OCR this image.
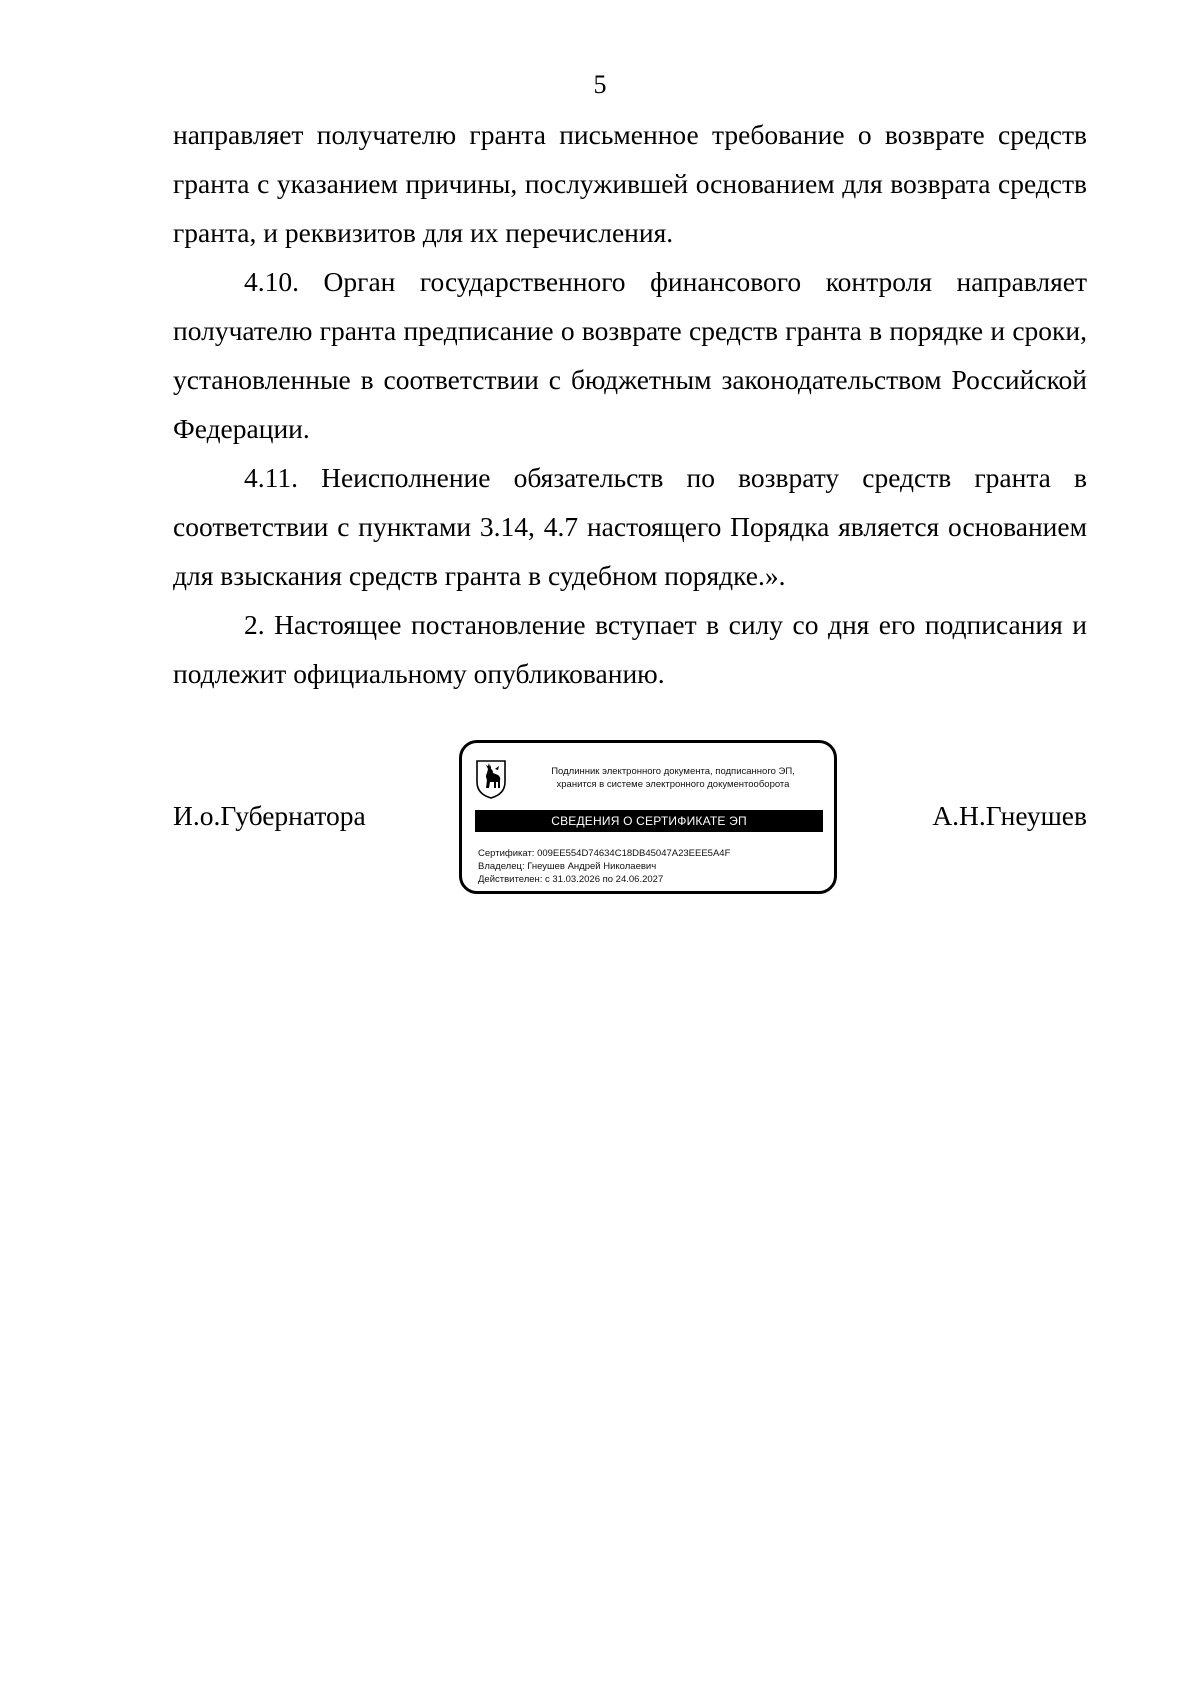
5

направляет получателю гранта письменное требование о возврате средств гранта с указанием причины, послужившей основанием для возврата средств гранта, и реквизитов для их перечисления.

4.10. Орган государственного финансового контроля направляет получателю гранта предписание о возврате средств гранта в порядке и сроки, установленные в соответствии с бюджетным законодательством Российской Федерации.

4.11. Неисполнение обязательств по возврату средств гранта в соответствии с пунктами 3.14, 4.7 настоящего Порядка является основанием для взыскания средств гранта в судебном порядке.».

2. Настоящее постановление вступает в силу со дня его подписания и подлежит официальному опубликованию.

И.о.Губернатора
Подлинник электронного документа, подписанного ЭП,
хранится в системе электронного документооборота
СВЕДЕНИЯ О СЕРТИФИКАТЕ ЭП
Сертификат: 009EE554D74634C18DB45047A23EEE5A4F
Владелец: Гнеушев Андрей Николаевич
Действителен: с 31.03.2026 по 24.06.2027
А.Н.Гнеушев
